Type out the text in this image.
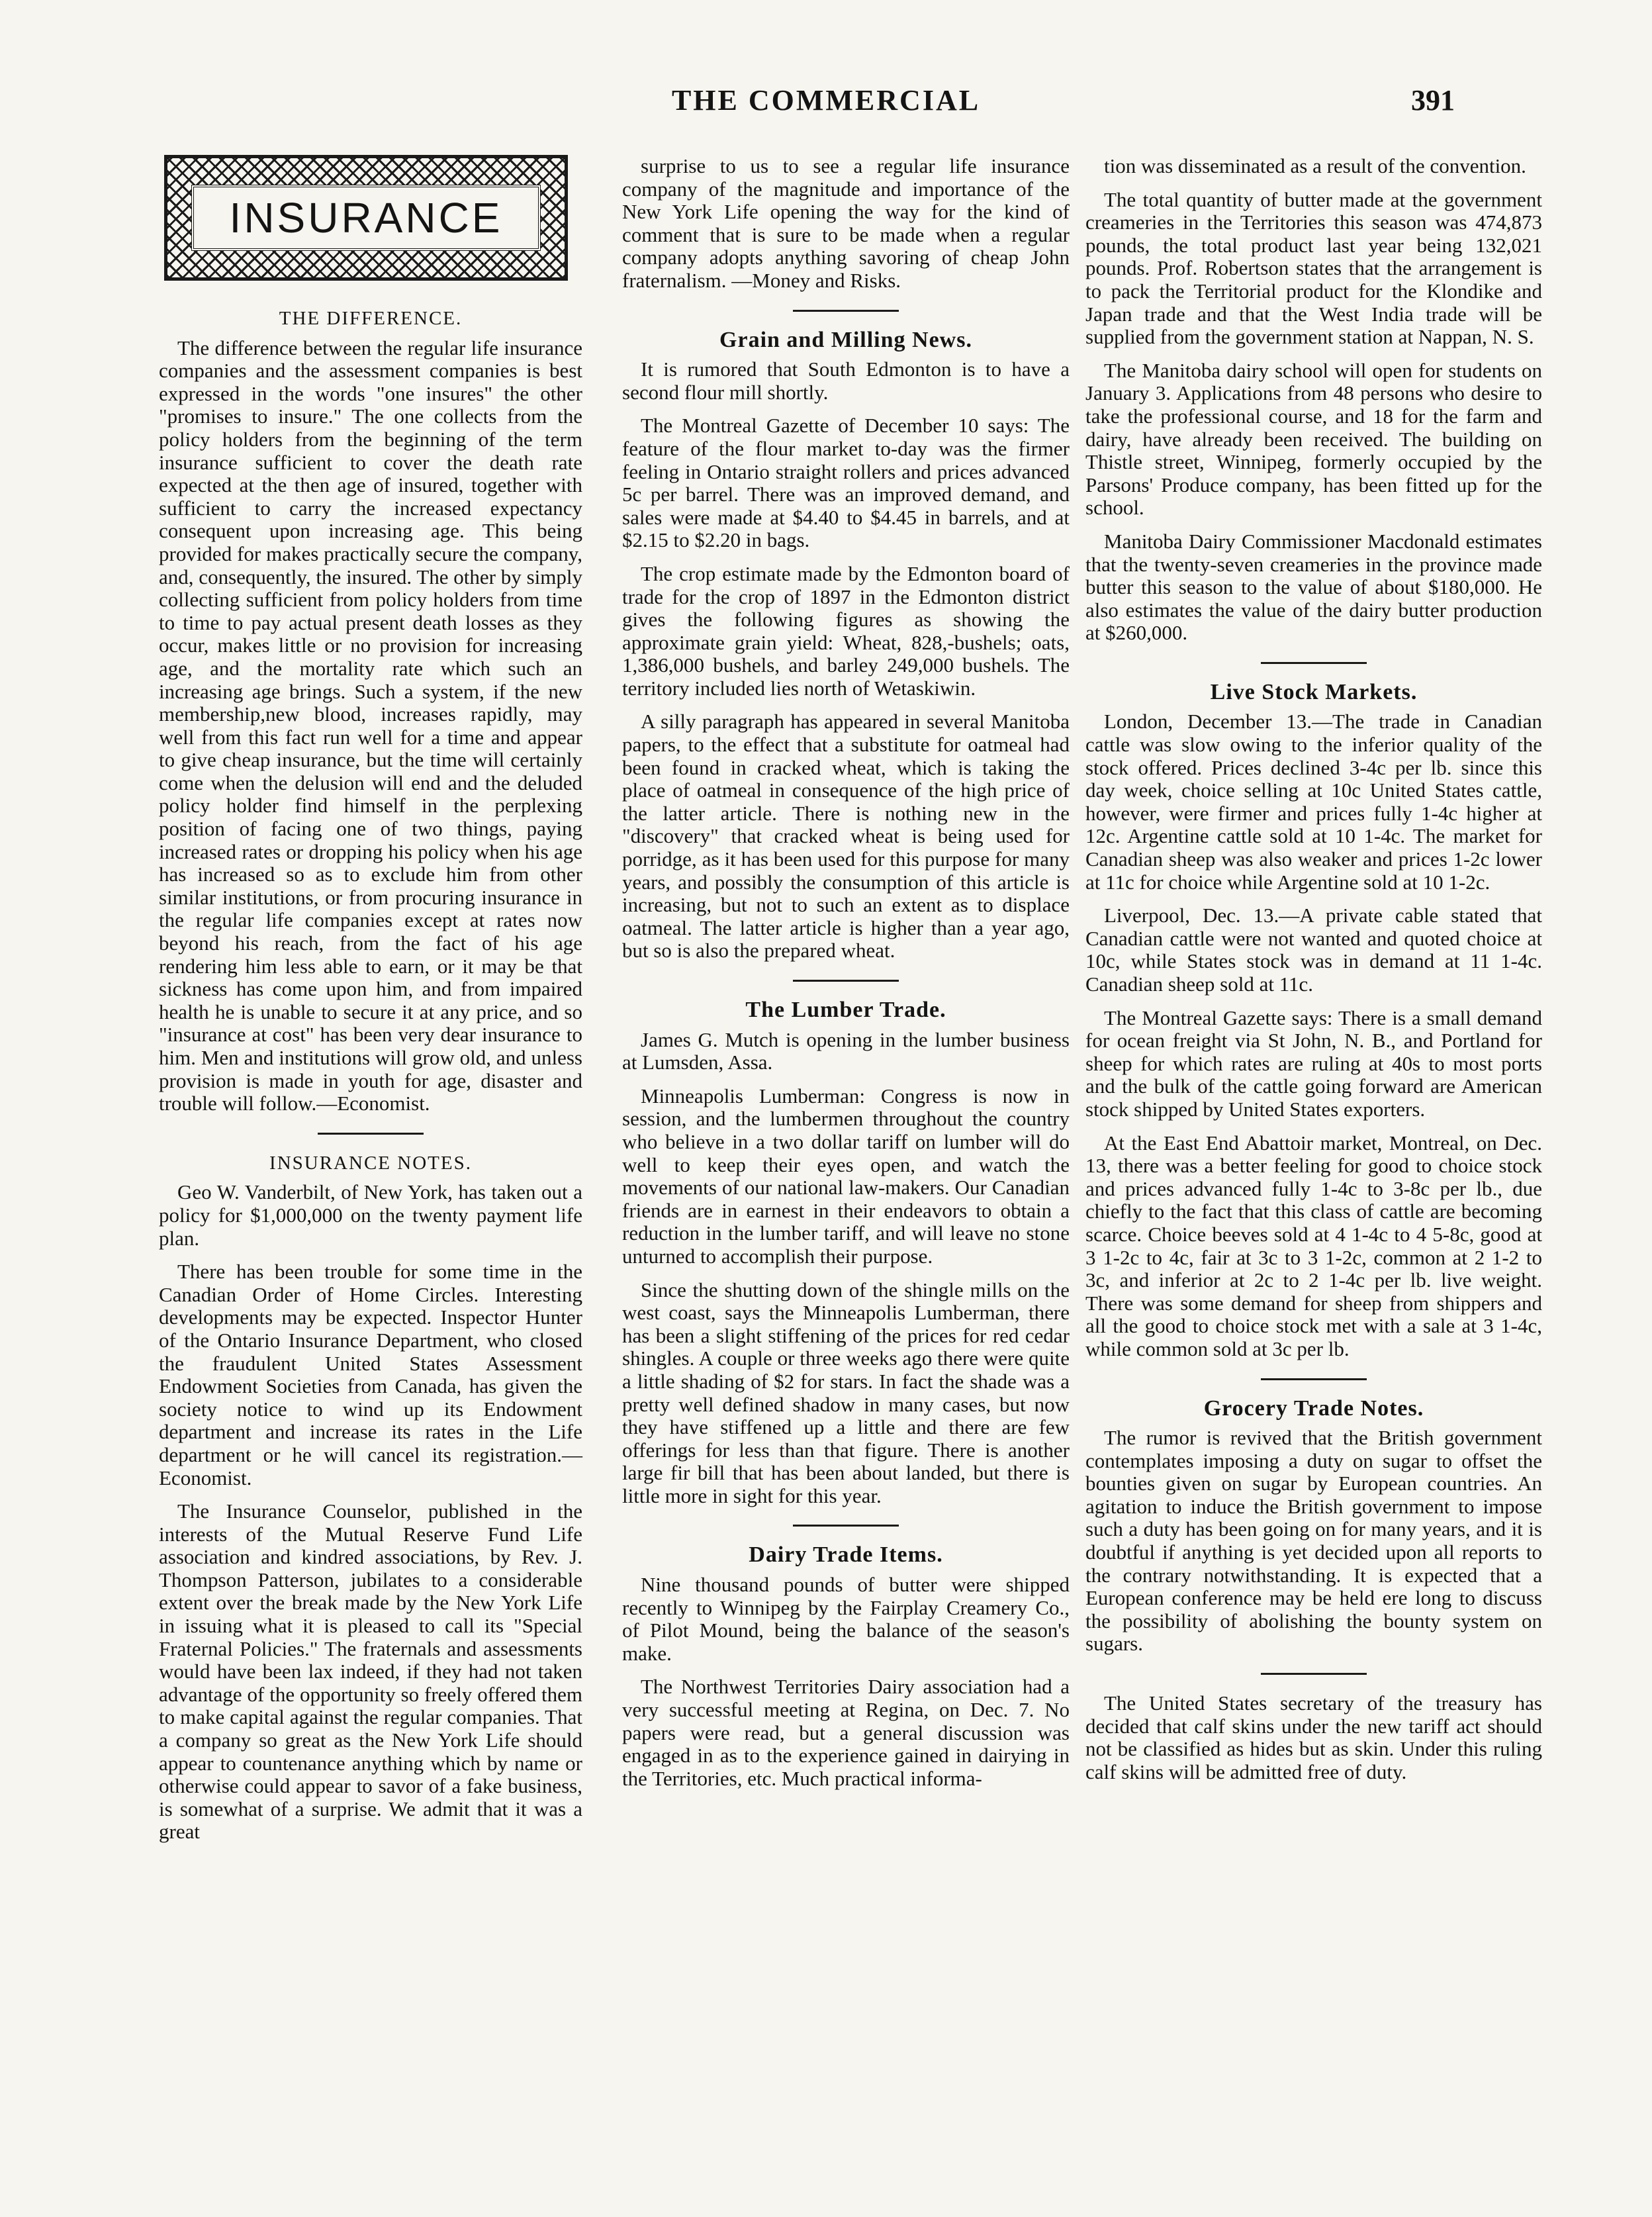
THE COMMERCIAL	391
INSURANCE
THE DIFFERENCE.

The difference between the regular life insurance companies and the assessment companies is best expressed in the words "one insures" the other "promises to insure." The one collects from the policy holders from the beginning of the term insurance sufficient to cover the death rate expected at the then age of insured, together with sufficient to carry the increased expectancy consequent upon increasing age. This being provided for makes practically secure the company, and, consequently, the insured. The other by simply collecting sufficient from policy holders from time to time to pay actual present death losses as they occur, makes little or no provision for increasing age, and the mortality rate which such an increasing age brings. Such a system, if the new membership,new blood, increases rapidly, may well from this fact run well for a time and appear to give cheap insurance, but the time will certainly come when the delusion will end and the deluded policy holder find himself in the perplexing position of facing one of two things, paying increased rates or dropping his policy when his age has increased so as to exclude him from other similar institutions, or from procuring insurance in the regular life companies except at rates now beyond his reach, from the fact of his age rendering him less able to earn, or it may be that sickness has come upon him, and from impaired health he is unable to secure it at any price, and so "insurance at cost" has been very dear insurance to him. Men and institutions will grow old, and unless provision is made in youth for age, disaster and trouble will follow.—Economist.

INSURANCE NOTES.

Geo W. Vanderbilt, of New York, has taken out a policy for $1,000,000 on the twenty payment life plan.

There has been trouble for some time in the Canadian Order of Home Circles. Interesting developments may be expected. Inspector Hunter of the Ontario Insurance Department, who closed the fraudulent United States Assessment Endowment Societies from Canada, has given the society notice to wind up its Endowment department and increase its rates in the Life department or he will cancel its registration.—Economist.

The Insurance Counselor, published in the interests of the Mutual Reserve Fund Life association and kindred associations, by Rev. J. Thompson Patterson, jubilates to a considerable extent over the break made by the New York Life in issuing what it is pleased to call its "Special Fraternal Policies." The fraternals and assessments would have been lax indeed, if they had not taken advantage of the opportunity so freely offered them to make capital against the regular companies. That a company so great as the New York Life should appear to countenance anything which by name or otherwise could appear to savor of a fake business, is somewhat of a surprise. We admit that it was a great

surprise to us to see a regular life insurance company of the magnitude and importance of the New York Life opening the way for the kind of comment that is sure to be made when a regular company adopts anything savoring of cheap John fraternalism. —Money and Risks.

Grain and Milling News.

It is rumored that South Edmonton is to have a second flour mill shortly.

The Montreal Gazette of December 10 says: The feature of the flour market to-day was the firmer feeling in Ontario straight rollers and prices advanced 5c per barrel. There was an improved demand, and sales were made at $4.40 to $4.45 in barrels, and at $2.15 to $2.20 in bags.

The crop estimate made by the Edmonton board of trade for the crop of 1897 in the Edmonton district gives the following figures as showing the approximate grain yield: Wheat, 828,-bushels; oats, 1,386,000 bushels, and barley 249,000 bushels. The territory included lies north of Wetaskiwin.

A silly paragraph has appeared in several Manitoba papers, to the effect that a substitute for oatmeal had been found in cracked wheat, which is taking the place of oatmeal in consequence of the high price of the latter article. There is nothing new in the "discovery" that cracked wheat is being used for porridge, as it has been used for this purpose for many years, and possibly the consumption of this article is increasing, but not to such an extent as to displace oatmeal. The latter article is higher than a year ago, but so is also the prepared wheat.

The Lumber Trade.

James G. Mutch is opening in the lumber business at Lumsden, Assa.

Minneapolis Lumberman: Congress is now in session, and the lumbermen throughout the country who believe in a two dollar tariff on lumber will do well to keep their eyes open, and watch the movements of our national law-makers. Our Canadian friends are in earnest in their endeavors to obtain a reduction in the lumber tariff, and will leave no stone unturned to accomplish their purpose.

Since the shutting down of the shingle mills on the west coast, says the Minneapolis Lumberman, there has been a slight stiffening of the prices for red cedar shingles. A couple or three weeks ago there were quite a little shading of $2 for stars. In fact the shade was a pretty well defined shadow in many cases, but now they have stiffened up a little and there are few offerings for less than that figure. There is another large fir bill that has been about landed, but there is little more in sight for this year.

Dairy Trade Items.

Nine thousand pounds of butter were shipped recently to Winnipeg by the Fairplay Creamery Co., of Pilot Mound, being the balance of the season's make.

The Northwest Territories Dairy association had a very successful meeting at Regina, on Dec. 7. No papers were read, but a general discussion was engaged in as to the experience gained in dairying in the Territories, etc. Much practical informa-

tion was disseminated as a result of the convention.

The total quantity of butter made at the government creameries in the Territories this season was 474,873 pounds, the total product last year being 132,021 pounds. Prof. Robertson states that the arrangement is to pack the Territorial product for the Klondike and Japan trade and that the West India trade will be supplied from the government station at Nappan, N. S.

The Manitoba dairy school will open for students on January 3. Applications from 48 persons who desire to take the professional course, and 18 for the farm and dairy, have already been received. The building on Thistle street, Winnipeg, formerly occupied by the Parsons' Produce company, has been fitted up for the school.

Manitoba Dairy Commissioner Macdonald estimates that the twenty-seven creameries in the province made butter this season to the value of about $180,000. He also estimates the value of the dairy butter production at $260,000.

Live Stock Markets.

London, December 13.—The trade in Canadian cattle was slow owing to the inferior quality of the stock offered. Prices declined 3-4c per lb. since this day week, choice selling at 10c United States cattle, however, were firmer and prices fully 1-4c higher at 12c. Argentine cattle sold at 10 1-4c. The market for Canadian sheep was also weaker and prices 1-2c lower at 11c for choice while Argentine sold at 10 1-2c.

Liverpool, Dec. 13.—A private cable stated that Canadian cattle were not wanted and quoted choice at 10c, while States stock was in demand at 11 1-4c. Canadian sheep sold at 11c.

The Montreal Gazette says: There is a small demand for ocean freight via St John, N. B., and Portland for sheep for which rates are ruling at 40s to most ports and the bulk of the cattle going forward are American stock shipped by United States exporters.

At the East End Abattoir market, Montreal, on Dec. 13, there was a better feeling for good to choice stock and prices advanced fully 1-4c to 3-8c per lb., due chiefly to the fact that this class of cattle are becoming scarce. Choice beeves sold at 4 1-4c to 4 5-8c, good at 3 1-2c to 4c, fair at 3c to 3 1-2c, common at 2 1-2 to 3c, and inferior at 2c to 2 1-4c per lb. live weight. There was some demand for sheep from shippers and all the good to choice stock met with a sale at 3 1-4c, while common sold at 3c per lb.

Grocery Trade Notes.

The rumor is revived that the British government contemplates imposing a duty on sugar to offset the bounties given on sugar by European countries. An agitation to induce the British government to impose such a duty has been going on for many years, and it is doubtful if anything is yet decided upon all reports to the contrary notwithstanding. It is expected that a European conference may be held ere long to discuss the possibility of abolishing the bounty system on sugars.

The United States secretary of the treasury has decided that calf skins under the new tariff act should not be classified as hides but as skin. Under this ruling calf skins will be admitted free of duty.
